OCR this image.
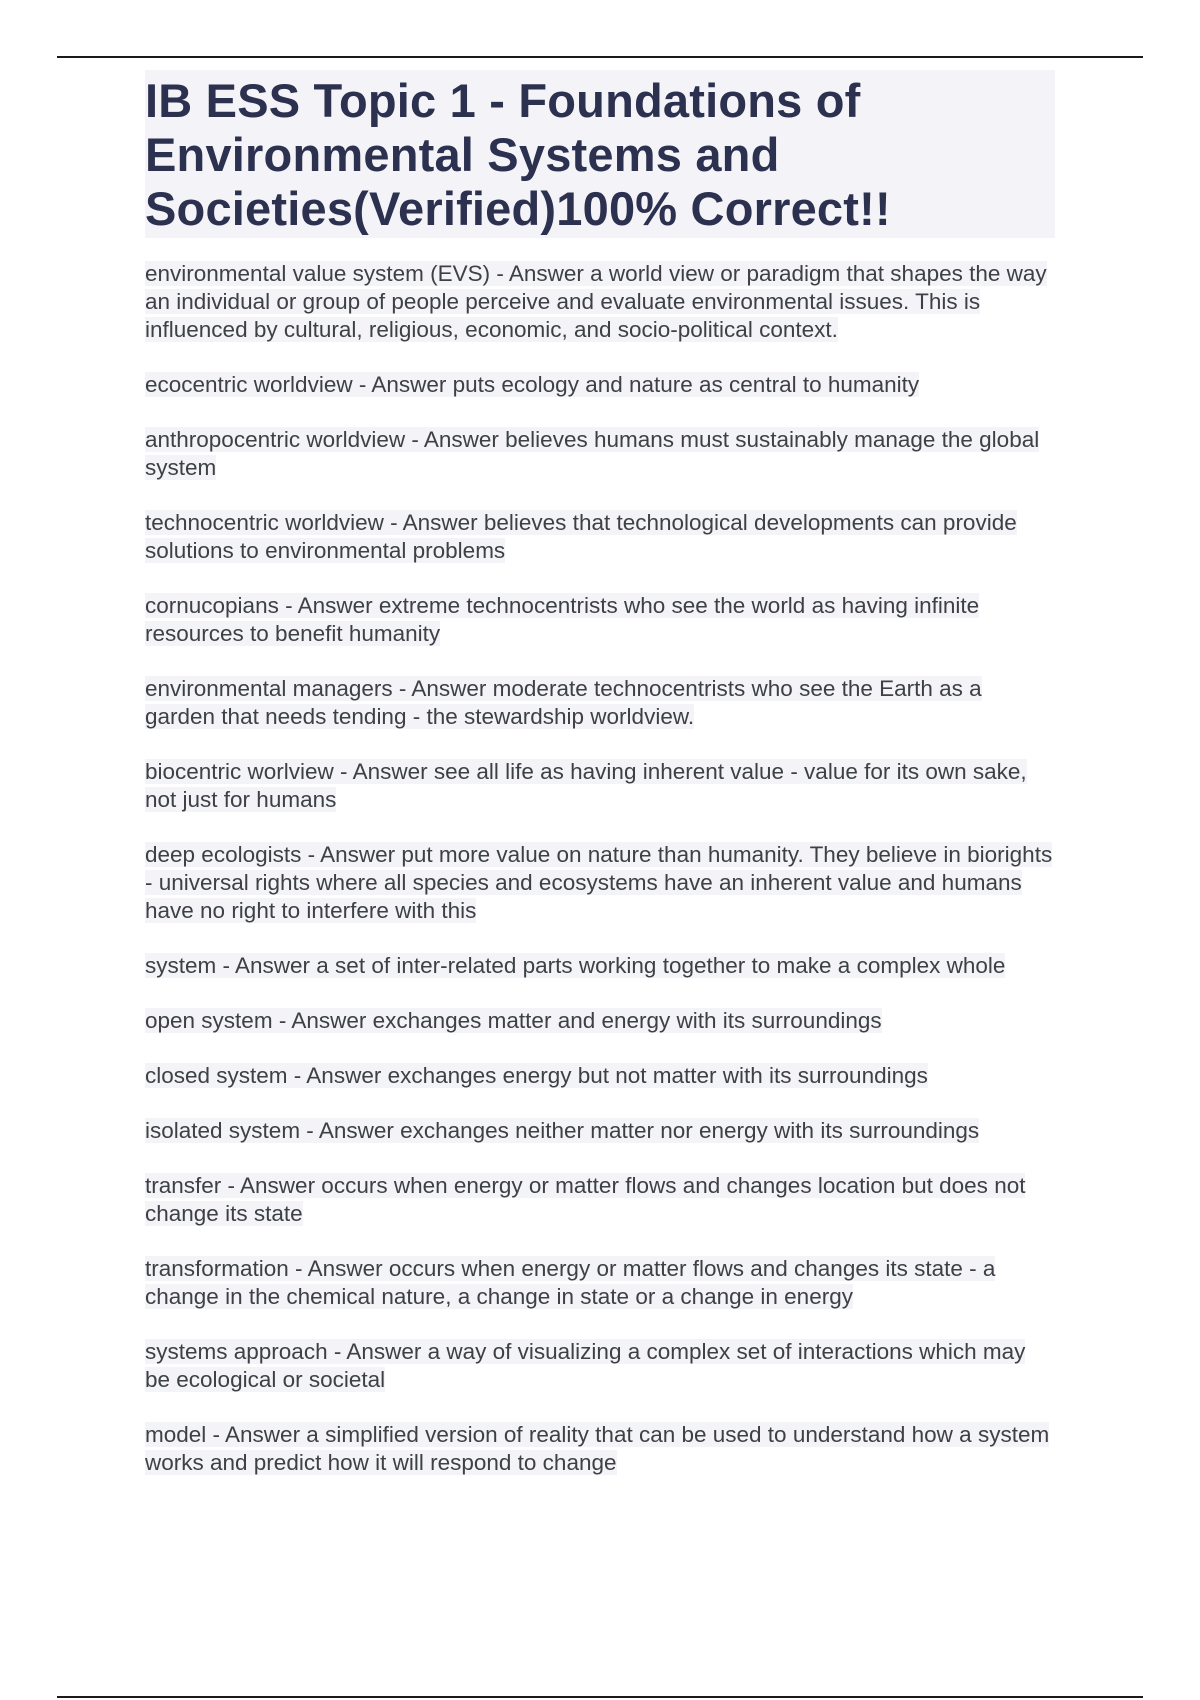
IB ESS Topic 1 - Foundations of Environmental Systems and Societies(Verified)100% Correct!!

environmental value system (EVS) - Answer a world view or paradigm that shapes the way an individual or group of people perceive and evaluate environmental issues. This is influenced by cultural, religious, economic, and socio-political context.

ecocentric worldview - Answer puts ecology and nature as central to humanity

anthropocentric worldview - Answer believes humans must sustainably manage the global system

technocentric worldview - Answer believes that technological developments can provide solutions to environmental problems

cornucopians - Answer extreme technocentrists who see the world as having infinite resources to benefit humanity

environmental managers - Answer moderate technocentrists who see the Earth as a garden that needs tending - the stewardship worldview.

biocentric worlview - Answer see all life as having inherent value - value for its own sake, not just for humans

deep ecologists - Answer put more value on nature than humanity. They believe in biorights - universal rights where all species and ecosystems have an inherent value and humans have no right to interfere with this

system - Answer a set of inter-related parts working together to make a complex whole

open system - Answer exchanges matter and energy with its surroundings

closed system - Answer exchanges energy but not matter with its surroundings

isolated system - Answer exchanges neither matter nor energy with its surroundings

transfer - Answer occurs when energy or matter flows and changes location but does not change its state

transformation - Answer occurs when energy or matter flows and changes its state - a change in the chemical nature, a change in state or a change in energy

systems approach - Answer a way of visualizing a complex set of interactions which may be ecological or societal

model - Answer a simplified version of reality that can be used to understand how a system works and predict how it will respond to change
